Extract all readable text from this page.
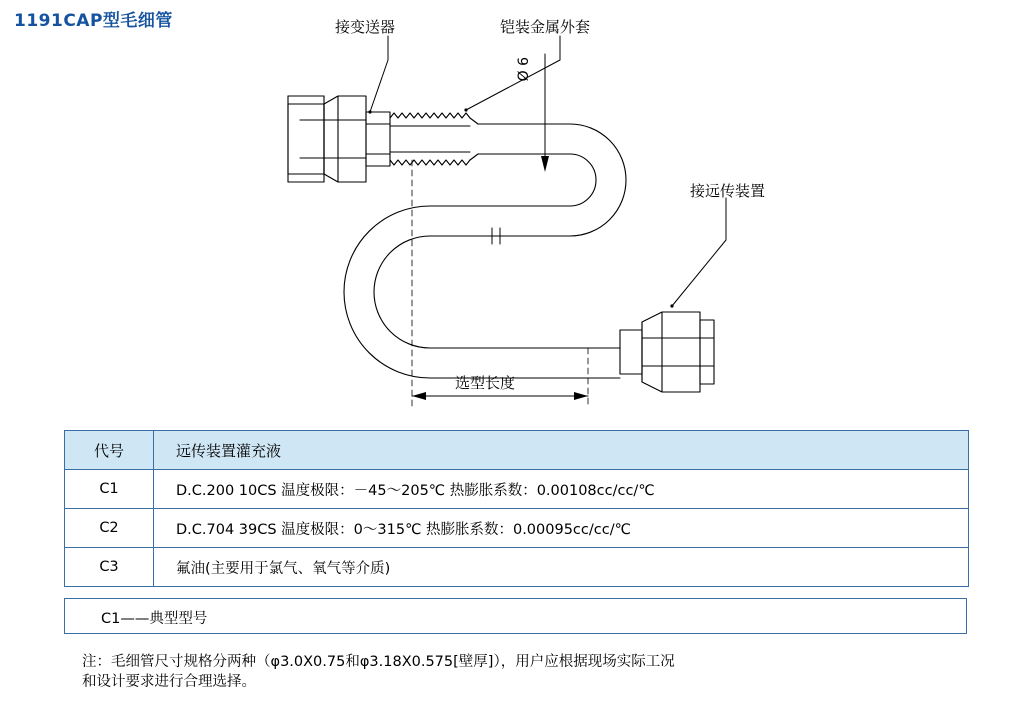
1191CAP型毛细管	接变送器	铠装金属外套
接远传装置
选型长度
Ø 6
代号	远传装置灌充液
C1	D.C.200 10CS 温度极限：－45～205℃ 热膨胀系数：0.00108cc/cc/℃
C2	D.C.704 39CS 温度极限：0～315℃ 热膨胀系数：0.00095cc/cc/℃
C3	氟油(主要用于氯气、氧气等介质)
C1——典型型号
注：毛细管尺寸规格分两种（φ3.0X0.75和φ3.18X0.575[壁厚]），用户应根据现场实际工况
和设计要求进行合理选择。
